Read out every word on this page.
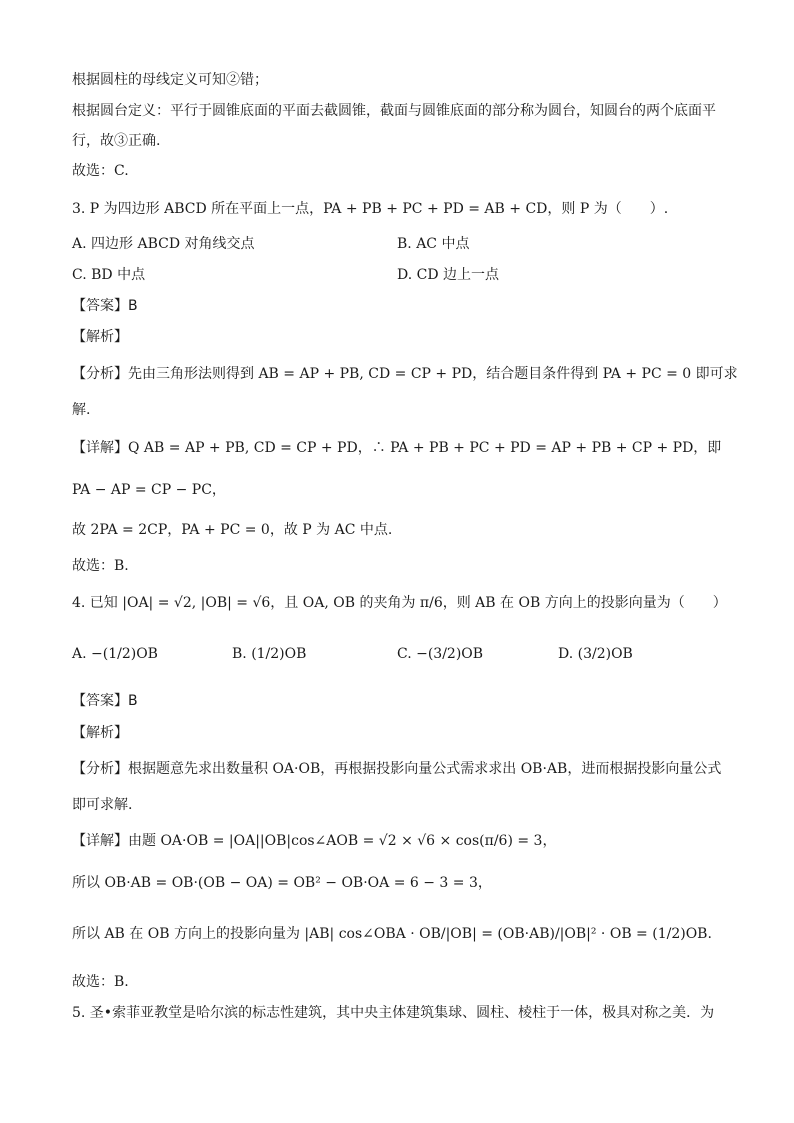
根据圆柱的母线定义可知②错；
根据圆台定义：平行于圆锥底面的平面去截圆锥，截面与圆锥底面的部分称为圆台，知圆台的两个底面平
行，故③正确.
故选：C.
3. P 为四边形 ABCD 所在平面上一点，PA + PB + PC + PD = AB + CD，则 P 为（　　）.
A. 四边形 ABCD 对角线交点	B. AC 中点
C. BD 中点	D. CD 边上一点
【答案】B
【解析】
【分析】先由三角形法则得到 AB = AP + PB, CD = CP + PD，结合题目条件得到 PA + PC = 0 即可求
解.
【详解】Q AB = AP + PB, CD = CP + PD，∴ PA + PB + PC + PD = AP + PB + CP + PD，即
PA − AP = CP − PC，
故 2PA = 2CP，PA + PC = 0，故 P 为 AC 中点.
故选：B.
4. 已知 |OA| = √2, |OB| = √6，且 OA, OB 的夹角为 π/6，则 AB 在 OB 方向上的投影向量为（　　）
A. −(1/2)OB	B. (1/2)OB	C. −(3/2)OB	D. (3/2)OB
【答案】B
【解析】
【分析】根据题意先求出数量积 OA·OB，再根据投影向量公式需求求出 OB·AB，进而根据投影向量公式
即可求解.
【详解】由题 OA·OB = |OA||OB|cos∠AOB = √2 × √6 × cos(π/6) = 3，
所以 OB·AB = OB·(OB − OA) = OB² − OB·OA = 6 − 3 = 3，
所以 AB 在 OB 方向上的投影向量为 |AB| cos∠OBA · OB/|OB| = (OB·AB)/|OB|² · OB = (1/2)OB.
故选：B.
5. 圣•索菲亚教堂是哈尔滨的标志性建筑，其中央主体建筑集球、圆柱、棱柱于一体，极具对称之美．为
